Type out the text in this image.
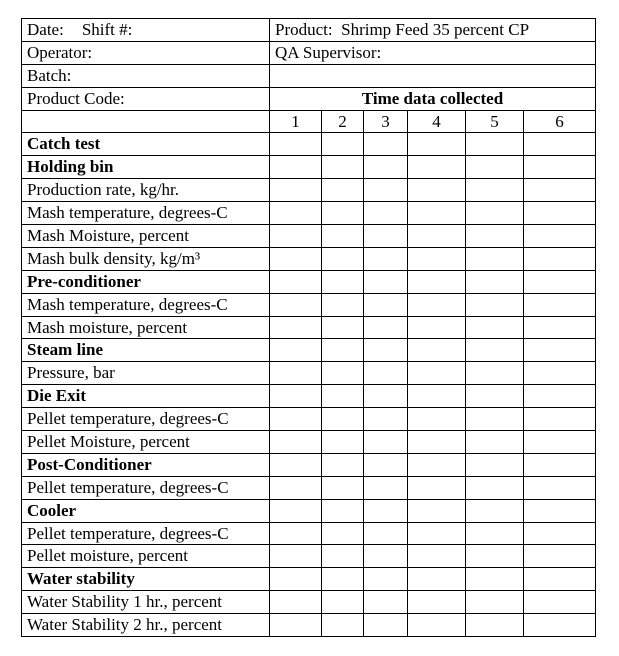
Date: Shift #:	Product: Shrimp Feed 35 percent CP					
Operator:	QA Supervisor:					
Batch:						
Product Code:	Time data collected					
	1	2	3	4	5	6
Catch test						
Holding bin						
Production rate, kg/hr.						
Mash temperature, degrees-C						
Mash Moisture, percent						
Mash bulk density, kg/m³						
Pre-conditioner						
Mash temperature, degrees-C						
Mash moisture, percent						
Steam line						
Pressure, bar						
Die Exit						
Pellet temperature, degrees-C						
Pellet Moisture, percent						
Post-Conditioner						
Pellet temperature, degrees-C						
Cooler						
Pellet temperature, degrees-C						
Pellet moisture, percent						
Water stability						
Water Stability 1 hr., percent						
Water Stability 2 hr., percent						
